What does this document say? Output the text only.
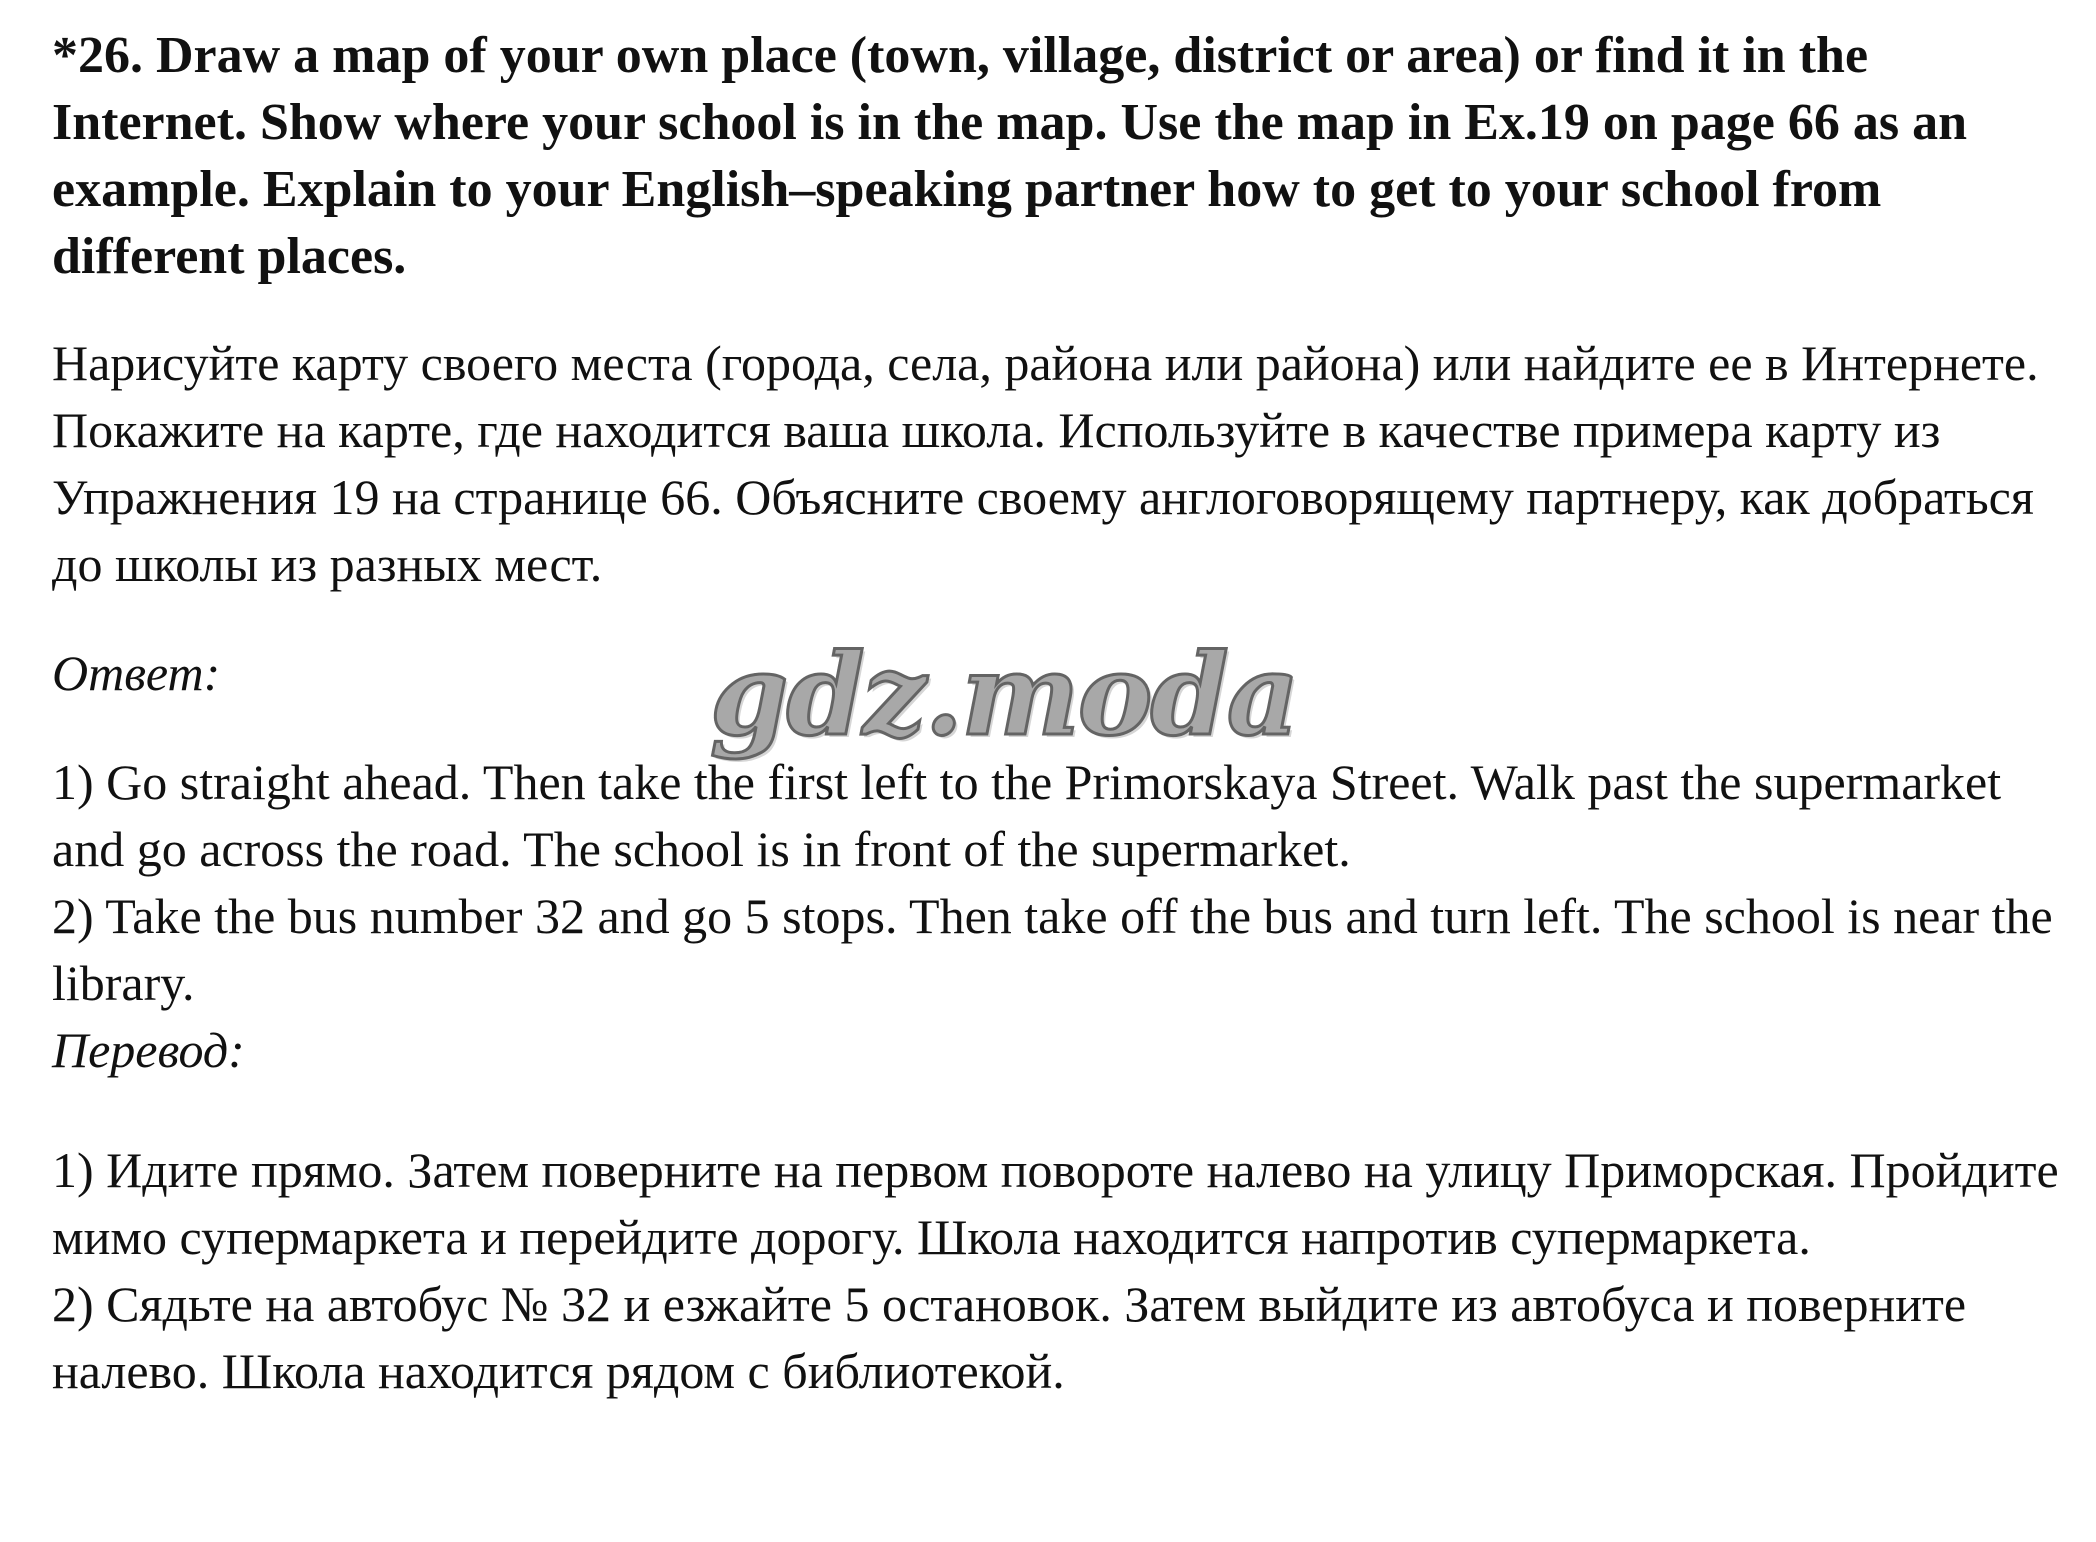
*26. Draw a map of your own place (town, village, district or area) or find it in the Internet. Show where your school is in the map. Use the map in Ex.19 on page 66 as an example. Explain to your English–speaking partner how to get to your school from different places.

Нарисуйте карту своего места (города, села, района или района) или найдите ее в Интернете. Покажите на карте, где находится ваша школа. Используйте в качестве примера карту из Упражнения 19 на странице 66. Объясните своему англоговорящему партнеру, как добраться до школы из разных мест.

Ответ:	gdz.moda

1) Go straight ahead. Then take the first left to the Primorskaya Street. Walk past the supermarket and go across the road. The school is in front of the supermarket.

2) Take the bus number 32 and go 5 stops. Then take off the bus and turn left. The school is near the library.

Перевод:

1) Идите прямо. Затем поверните на первом повороте налево на улицу Приморская. Пройдите мимо супермаркета и перейдите дорогу. Школа находится напротив супермаркета.

2) Сядьте на автобус № 32 и езжайте 5 остановок. Затем выйдите из автобуса и поверните налево. Школа находится рядом с библиотекой.
